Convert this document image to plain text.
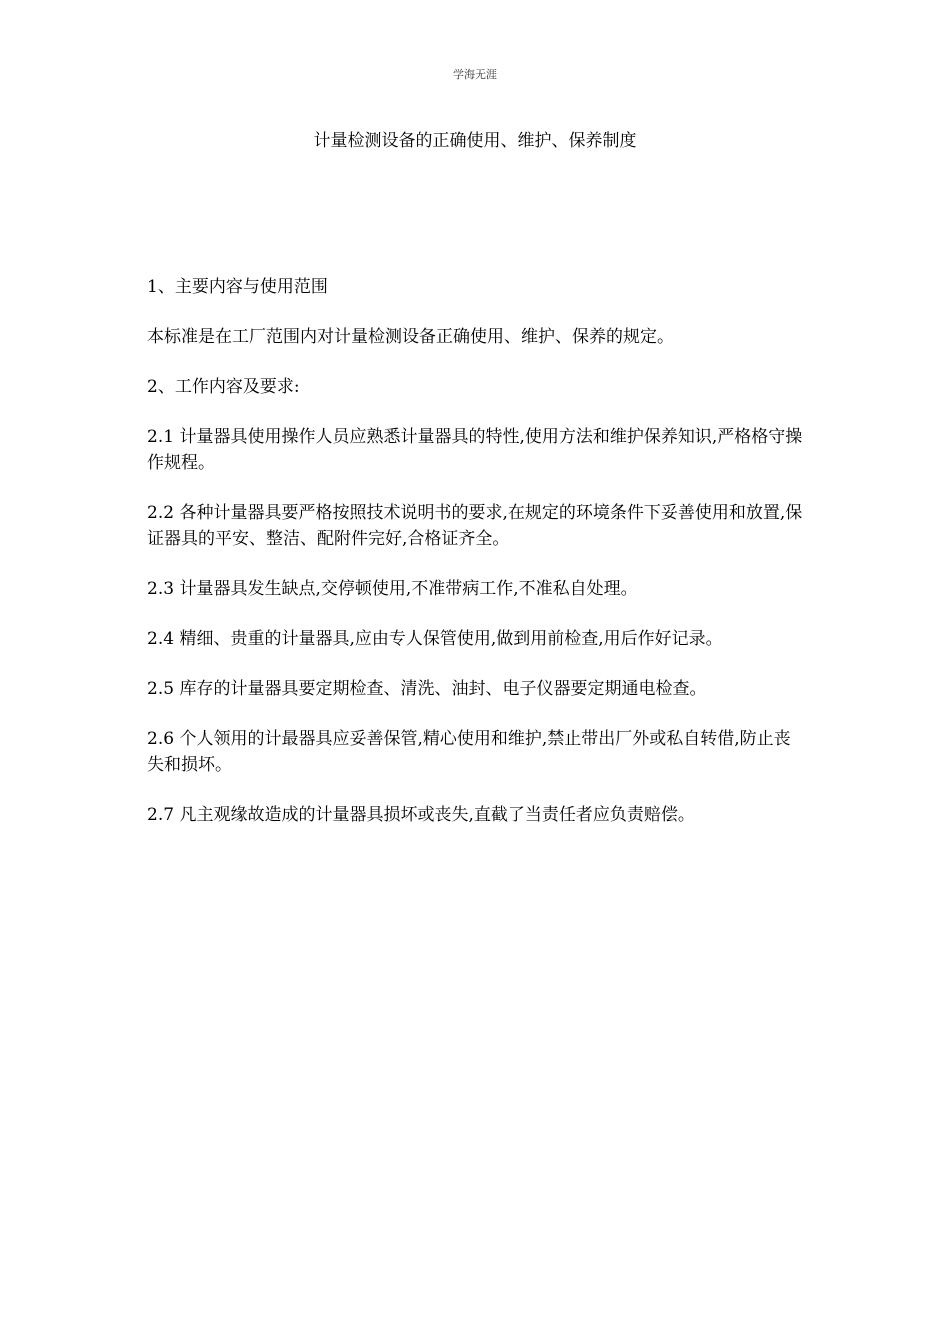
学海无涯
计量检测设备的正确使用、维护、保养制度

1、主要内容与使用范围

本标准是在工厂范围内对计量检测设备正确使用、维护、保养的规定。

2、工作内容及要求:

2.1 计量器具使用操作人员应熟悉计量器具的特性,使用方法和维护保养知识,严格格守操作规程。

2.2 各种计量器具要严格按照技术说明书的要求,在规定的环境条件下妥善使用和放置,保证器具的平安、整洁、配附件完好,合格证齐全。

2.3 计量器具发生缺点,交停顿使用,不准带病工作,不准私自处理。

2.4 精细、贵重的计量器具,应由专人保管使用,做到用前检查,用后作好记录。

2.5 库存的计量器具要定期检查、清洗、油封、电子仪器要定期通电检查。

2.6 个人领用的计最器具应妥善保管,精心使用和维护,禁止带出厂外或私自转借,防止丧失和损坏。

2.7 凡主观缘故造成的计量器具损坏或丧失,直截了当责任者应负责赔偿。
